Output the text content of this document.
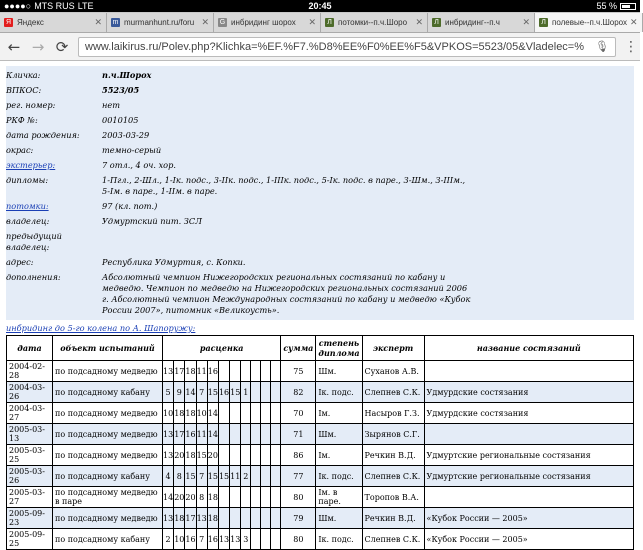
●●●●○ MTS RUS LTE	20:45	55 %
Я Яндекс	✕ m murmanhunt.ru/foru ✕ G инбридинг шорох	✕	Л потомки--п.ч.Шоро ✕	Л инбридинг--п.ч	✕	Л полевые--п.ч.Шорох ✕
← → ⟳ www.laikirus.ru/Polev.php?Klichka=%EF.%F7.%D8%EE%F0%EE%F5&VPKOS=5523/05&Vladelec=%	🎙 ⋮
Кличка:	п.ч.Шорох
ВПКОС:	5523/05
рег. номер:	нет
РКФ №:	0010105
дата рождения:	2003-03-29
окрас:	темно-серый
экстерьер:	7 отл., 4 оч. хор.
дипломы:	1-Пгл., 2-Шл., 1-Iк. подс., 3-IIк. подс., 1-IIIк. подс., 5-Iк. подс. в паре., 3-Шм., 3-IIIм., 5-Iм. в паре., 1-IIм. в паре.
потомки:	97 (кл. пот.)
владелец:	Удмуртский пит. ЗСЛ
предыдущий владелец:
адрес:	Республика Удмуртия, с. Копки.
дополнения:	Абсолютный чемпион Нижегородских региональных состязаний по кабану и медведю. Чемпион по медведю на Нижегородских региональных состязаний 2006 г. Абсолютный чемпион Международных состязаний по кабану и медведю «Кубок России 2007», питомник «Великоусть».
инбридинг до 5-го колена по А. Шапоружу:
дата	объект испытаний	расценка											сумма	степень диплома	эксперт	название состязаний
2004-02-28	по подсадному медведю	13	17	18	11	16							75	Шм.	Суханов А.В.	
2004-03-26	по подсадному кабану	5	9	14	7	15	16	15	1				82	Iк. подс.	Слепнев С.К.	Удмурдские состязания
2004-03-27	по подсадному медведю	10	18	18	10	14							70	Iм.	Насыров Г.З.	Удмурдские состязания
2005-03-13	по подсадному медведю	13	17	16	11	14							71	Шм.	Зырянов С.Г.	
2005-03-25	по подсадному медведю	13	20	18	15	20							86	Iм.	Речкин В.Д.	Удмуртские региональные состязания
2005-03-26	по подсадному кабану	4	8	15	7	15	15	11	2				77	Iк. подс.	Слепнев С.К.	Удмуртские региональные состязания
2005-03-27	по подсадному медведю в паре	14	20	20	8	18							80	Iм. в паре.	Торопов В.А.	
2005-09-23	по подсадному медведю	13	18	17	13	18							79	Шм.	Речкин В.Д.	«Кубок России — 2005»
2005-09-25	по подсадному кабану	2	10	16	7	16	13	13	3				80	Iк. подс.	Слепнев С.К.	«Кубок России — 2005»
